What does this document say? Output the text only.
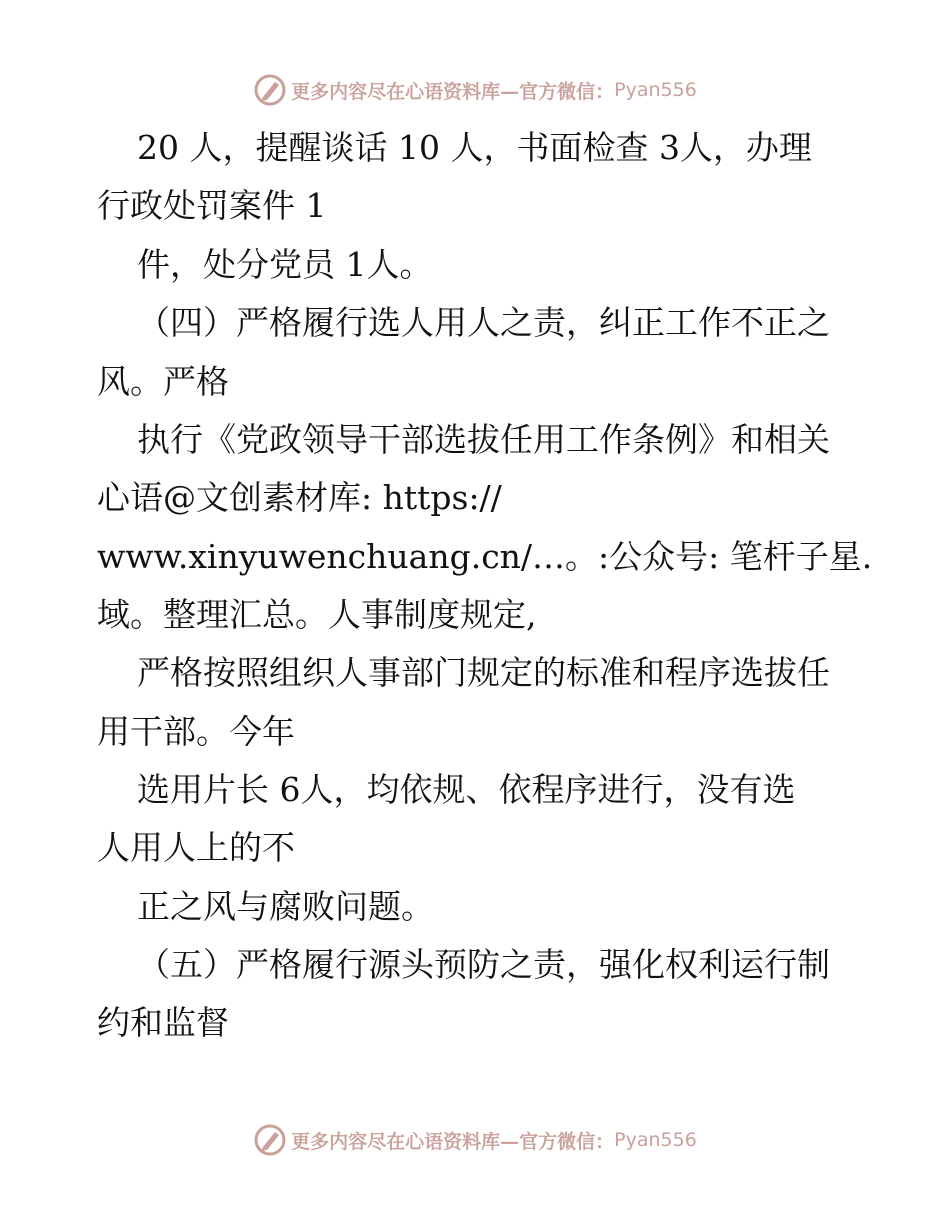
更多内容尽在心语资料库—官方微信： Pyan556
20 人，提醒谈话 10 人，书面检查 3人，办理
行政处罚案件 1
件，处分党员 1人。
（四）严格履行选人用人之责，纠正工作不正之
风。严格
执行《党政领导干部选拔任用工作条例》和相关
心语@文创素材库: https://
www.xinyuwenchuang.cn/…。:公众号: 笔杆子星.
域。整理汇总。人事制度规定,
严格按照组织人事部门规定的标准和程序选拔任
用干部。今年
选用片长 6人，均依规、依程序进行，没有选
人用人上的不
正之风与腐败问题。
（五）严格履行源头预防之责，强化权利运行制
约和监督
更多内容尽在心语资料库—官方微信： Pyan556
